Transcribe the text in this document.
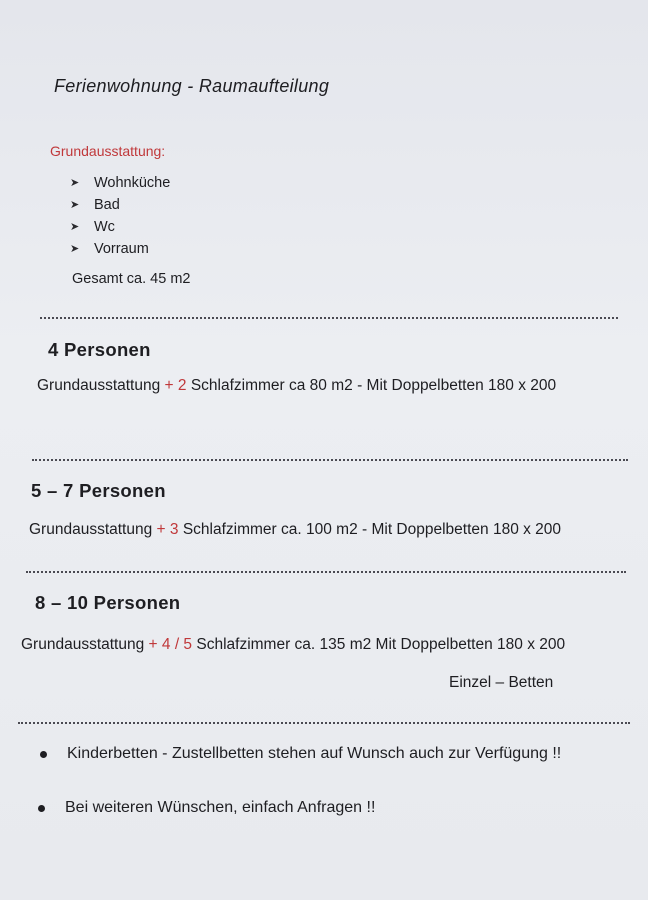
Ferienwohnung - Raumaufteilung
Grundausstattung:
➤ Wohnküche
➤ Bad
➤ Wc
➤ Vorraum
Gesamt ca. 45 m2
4 Personen
Grundausstattung + 2 Schlafzimmer ca 80 m2 - Mit Doppelbetten 180 x 200
5 – 7 Personen
Grundausstattung + 3 Schlafzimmer ca. 100 m2 - Mit Doppelbetten 180 x 200
8 – 10 Personen
Grundausstattung + 4 / 5 Schlafzimmer ca. 135 m2 Mit Doppelbetten 180 x 200
Einzel – Betten
Kinderbetten - Zustellbetten stehen auf Wunsch auch zur Verfügung !!
Bei weiteren Wünschen, einfach Anfragen !!
